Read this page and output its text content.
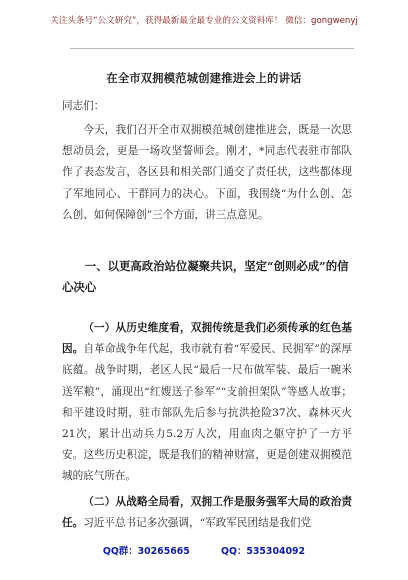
关注头条号“公文研究”，获得最新最全最专业的公文资料库！ 微信：gongwenyj
在全市双拥模范城创建推进会上的讲话
同志们：

今天，我们召开全市双拥模范城创建推进会，既是一次思想动员会，更是一场攻坚誓师会。刚才，*同志代表驻市部队作了表态发言，各区县和相关部门通交了责任状，这些都体现了军地同心、干群同力的决心。下面，我围绕“为什么创、怎么创、如何保障创”三个方面，讲三点意见。

一、以更高政治站位凝聚共识，坚定“创则必成”的信心决心

（一）从历史维度看，双拥传统是我们必须传承的红色基因。自革命战争年代起，我市就有着“军爱民、民拥军”的深厚底蕴。战争时期，老区人民“最后一尺布做军装、最后一碗米送军粮”，涌现出“红嫂送子参军”“支前担架队”等感人故事；和平建设时期，驻市部队先后参与抗洪抢险37次、森林灭火21次，累计出动兵力5.2万人次，用血肉之躯守护了一方平安。这些历史积淀，既是我们的精神财富，更是创建双拥模范城的底气所在。

（二）从战略全局看，双拥工作是服务强军大局的政治责任。习近平总书记多次强调，“军政军民团结是我们党

QQ群：30265665	QQ：535304092
